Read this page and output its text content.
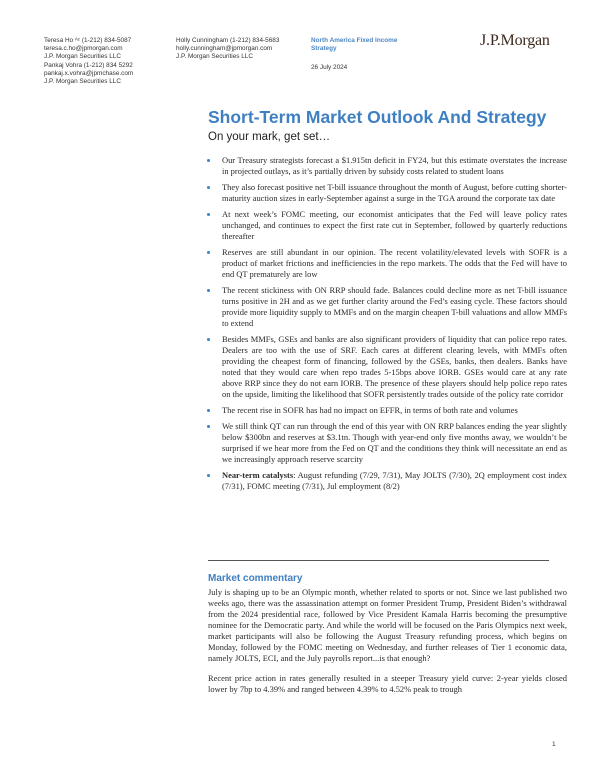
Teresa Ho ᴬᶜ (1-212) 834-5087
teresa.c.ho@jpmorgan.com
J.P. Morgan Securities LLC
Pankaj Vohra (1-212) 834 5292
pankaj.x.vohra@jpmchase.com
J.P. Morgan Securities LLC
Holly Cunningham (1-212) 834-5683
holly.cunningham@jpmorgan.com
J.P. Morgan Securities LLC
North America Fixed Income
Strategy
26 July 2024
J.P.Morgan
Short-Term Market Outlook And Strategy
On your mark, get set…
Our Treasury strategists forecast a $1.915tn deficit in FY24, but this estimate overstates the increase in projected outlays, as it’s partially driven by subsidy costs related to student loans
They also forecast positive net T-bill issuance throughout the month of August, before cutting shorter-maturity auction sizes in early-September against a surge in the TGA around the corporate tax date
At next week’s FOMC meeting, our economist anticipates that the Fed will leave policy rates unchanged, and continues to expect the first rate cut in September, followed by quarterly reductions thereafter
Reserves are still abundant in our opinion. The recent volatility/elevated levels with SOFR is a product of market frictions and inefficiencies in the repo markets. The odds that the Fed will have to end QT prematurely are low
The recent stickiness with ON RRP should fade. Balances could decline more as net T-bill issuance turns positive in 2H and as we get further clarity around the Fed’s easing cycle. These factors should provide more liquidity supply to MMFs and on the margin cheapen T-bill valuations and allow MMFs to extend
Besides MMFs, GSEs and banks are also significant providers of liquidity that can police repo rates. Dealers are too with the use of SRF. Each cares at different clearing levels, with MMFs often providing the cheapest form of financing, followed by the GSEs, banks, then dealers. Banks have noted that they would care when repo trades 5-15bps above IORB. GSEs would care at any rate above RRP since they do not earn IORB. The presence of these players should help police repo rates on the upside, limiting the likelihood that SOFR persistently trades outside of the policy rate corridor
The recent rise in SOFR has had no impact on EFFR, in terms of both rate and volumes
We still think QT can run through the end of this year with ON RRP balances ending the year slightly below $300bn and reserves at $3.1tn. Though with year-end only five months away, we wouldn’t be surprised if we hear more from the Fed on QT and the conditions they think will necessitate an end as we increasingly approach reserve scarcity
Near-term catalysts: August refunding (7/29, 7/31), May JOLTS (7/30), 2Q employment cost index (7/31), FOMC meeting (7/31), Jul employment (8/2)
Market commentary

July is shaping up to be an Olympic month, whether related to sports or not. Since we last published two weeks ago, there was the assassination attempt on former President Trump, President Biden’s withdrawal from the 2024 presidential race, followed by Vice President Kamala Harris becoming the presumptive nominee for the Democratic party. And while the world will be focused on the Paris Olympics next week, market participants will also be following the August Treasury refunding process, which begins on Monday, followed by the FOMC meeting on Wednesday, and further releases of Tier 1 economic data, namely JOLTS, ECI, and the July payrolls report...is that enough?

Recent price action in rates generally resulted in a steeper Treasury yield curve: 2-year yields closed lower by 7bp to 4.39% and ranged between 4.39% to 4.52% peak to trough

1
